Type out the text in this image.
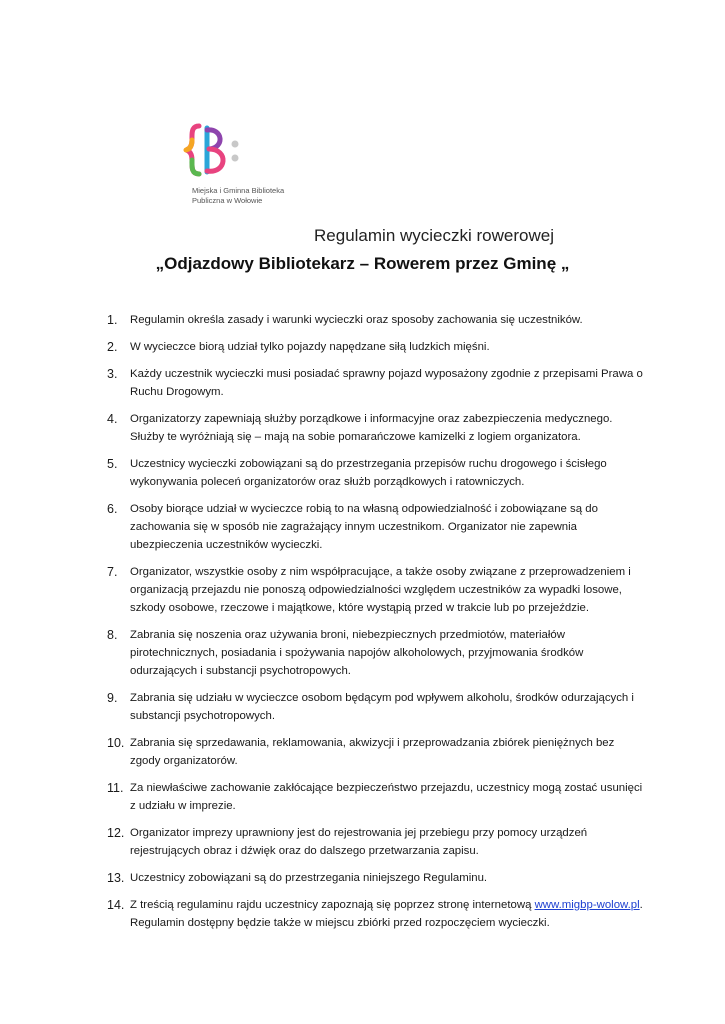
Miejska i Gminna Biblioteka
Publiczna w Wołowie
Regulamin wycieczki rowerowej
„Odjazdowy Bibliotekarz – Rowerem przez Gminę „
1. Regulamin określa zasady i warunki wycieczki oraz sposoby zachowania się uczestników.
2. W wycieczce biorą udział tylko pojazdy napędzane siłą ludzkich mięśni.
3. Każdy uczestnik wycieczki musi posiadać sprawny pojazd wyposażony zgodnie z przepisami Prawa o Ruchu Drogowym.
4. Organizatorzy zapewniają służby porządkowe i informacyjne oraz zabezpieczenia medycznego. Służby te wyróżniają się – mają na sobie pomarańczowe kamizelki z logiem organizatora.
5. Uczestnicy wycieczki zobowiązani są do przestrzegania przepisów ruchu drogowego i ścisłego wykonywania poleceń organizatorów oraz służb porządkowych i ratowniczych.
6. Osoby biorące udział w wycieczce robią to na własną odpowiedzialność i zobowiązane są do zachowania się w sposób nie zagrażający innym uczestnikom. Organizator nie zapewnia ubezpieczenia uczestników wycieczki.
7. Organizator, wszystkie osoby z nim współpracujące, a także osoby związane z przeprowadzeniem i organizacją przejazdu nie ponoszą odpowiedzialności względem uczestników za wypadki losowe, szkody osobowe, rzeczowe i majątkowe, które wystąpią przed w trakcie lub po przejeździe.
8. Zabrania się noszenia oraz używania broni, niebezpiecznych przedmiotów, materiałów pirotechnicznych, posiadania i spożywania napojów alkoholowych, przyjmowania środków odurzających i substancji psychotropowych.
9. Zabrania się udziału w wycieczce osobom będącym pod wpływem alkoholu, środków odurzających i substancji psychotropowych.
10. Zabrania się sprzedawania, reklamowania, akwizycji i przeprowadzania zbiórek pieniężnych bez zgody organizatorów.
11. Za niewłaściwe zachowanie zakłócające bezpieczeństwo przejazdu, uczestnicy mogą zostać usunięci z udziału w imprezie.
12. Organizator imprezy uprawniony jest do rejestrowania jej przebiegu przy pomocy urządzeń rejestrujących obraz i dźwięk oraz do dalszego przetwarzania zapisu.
13. Uczestnicy zobowiązani są do przestrzegania niniejszego Regulaminu.
14. Z treścią regulaminu rajdu uczestnicy zapoznają się poprzez stronę internetową www.migbp-wolow.pl. Regulamin dostępny będzie także w miejscu zbiórki przed rozpoczęciem wycieczki.
